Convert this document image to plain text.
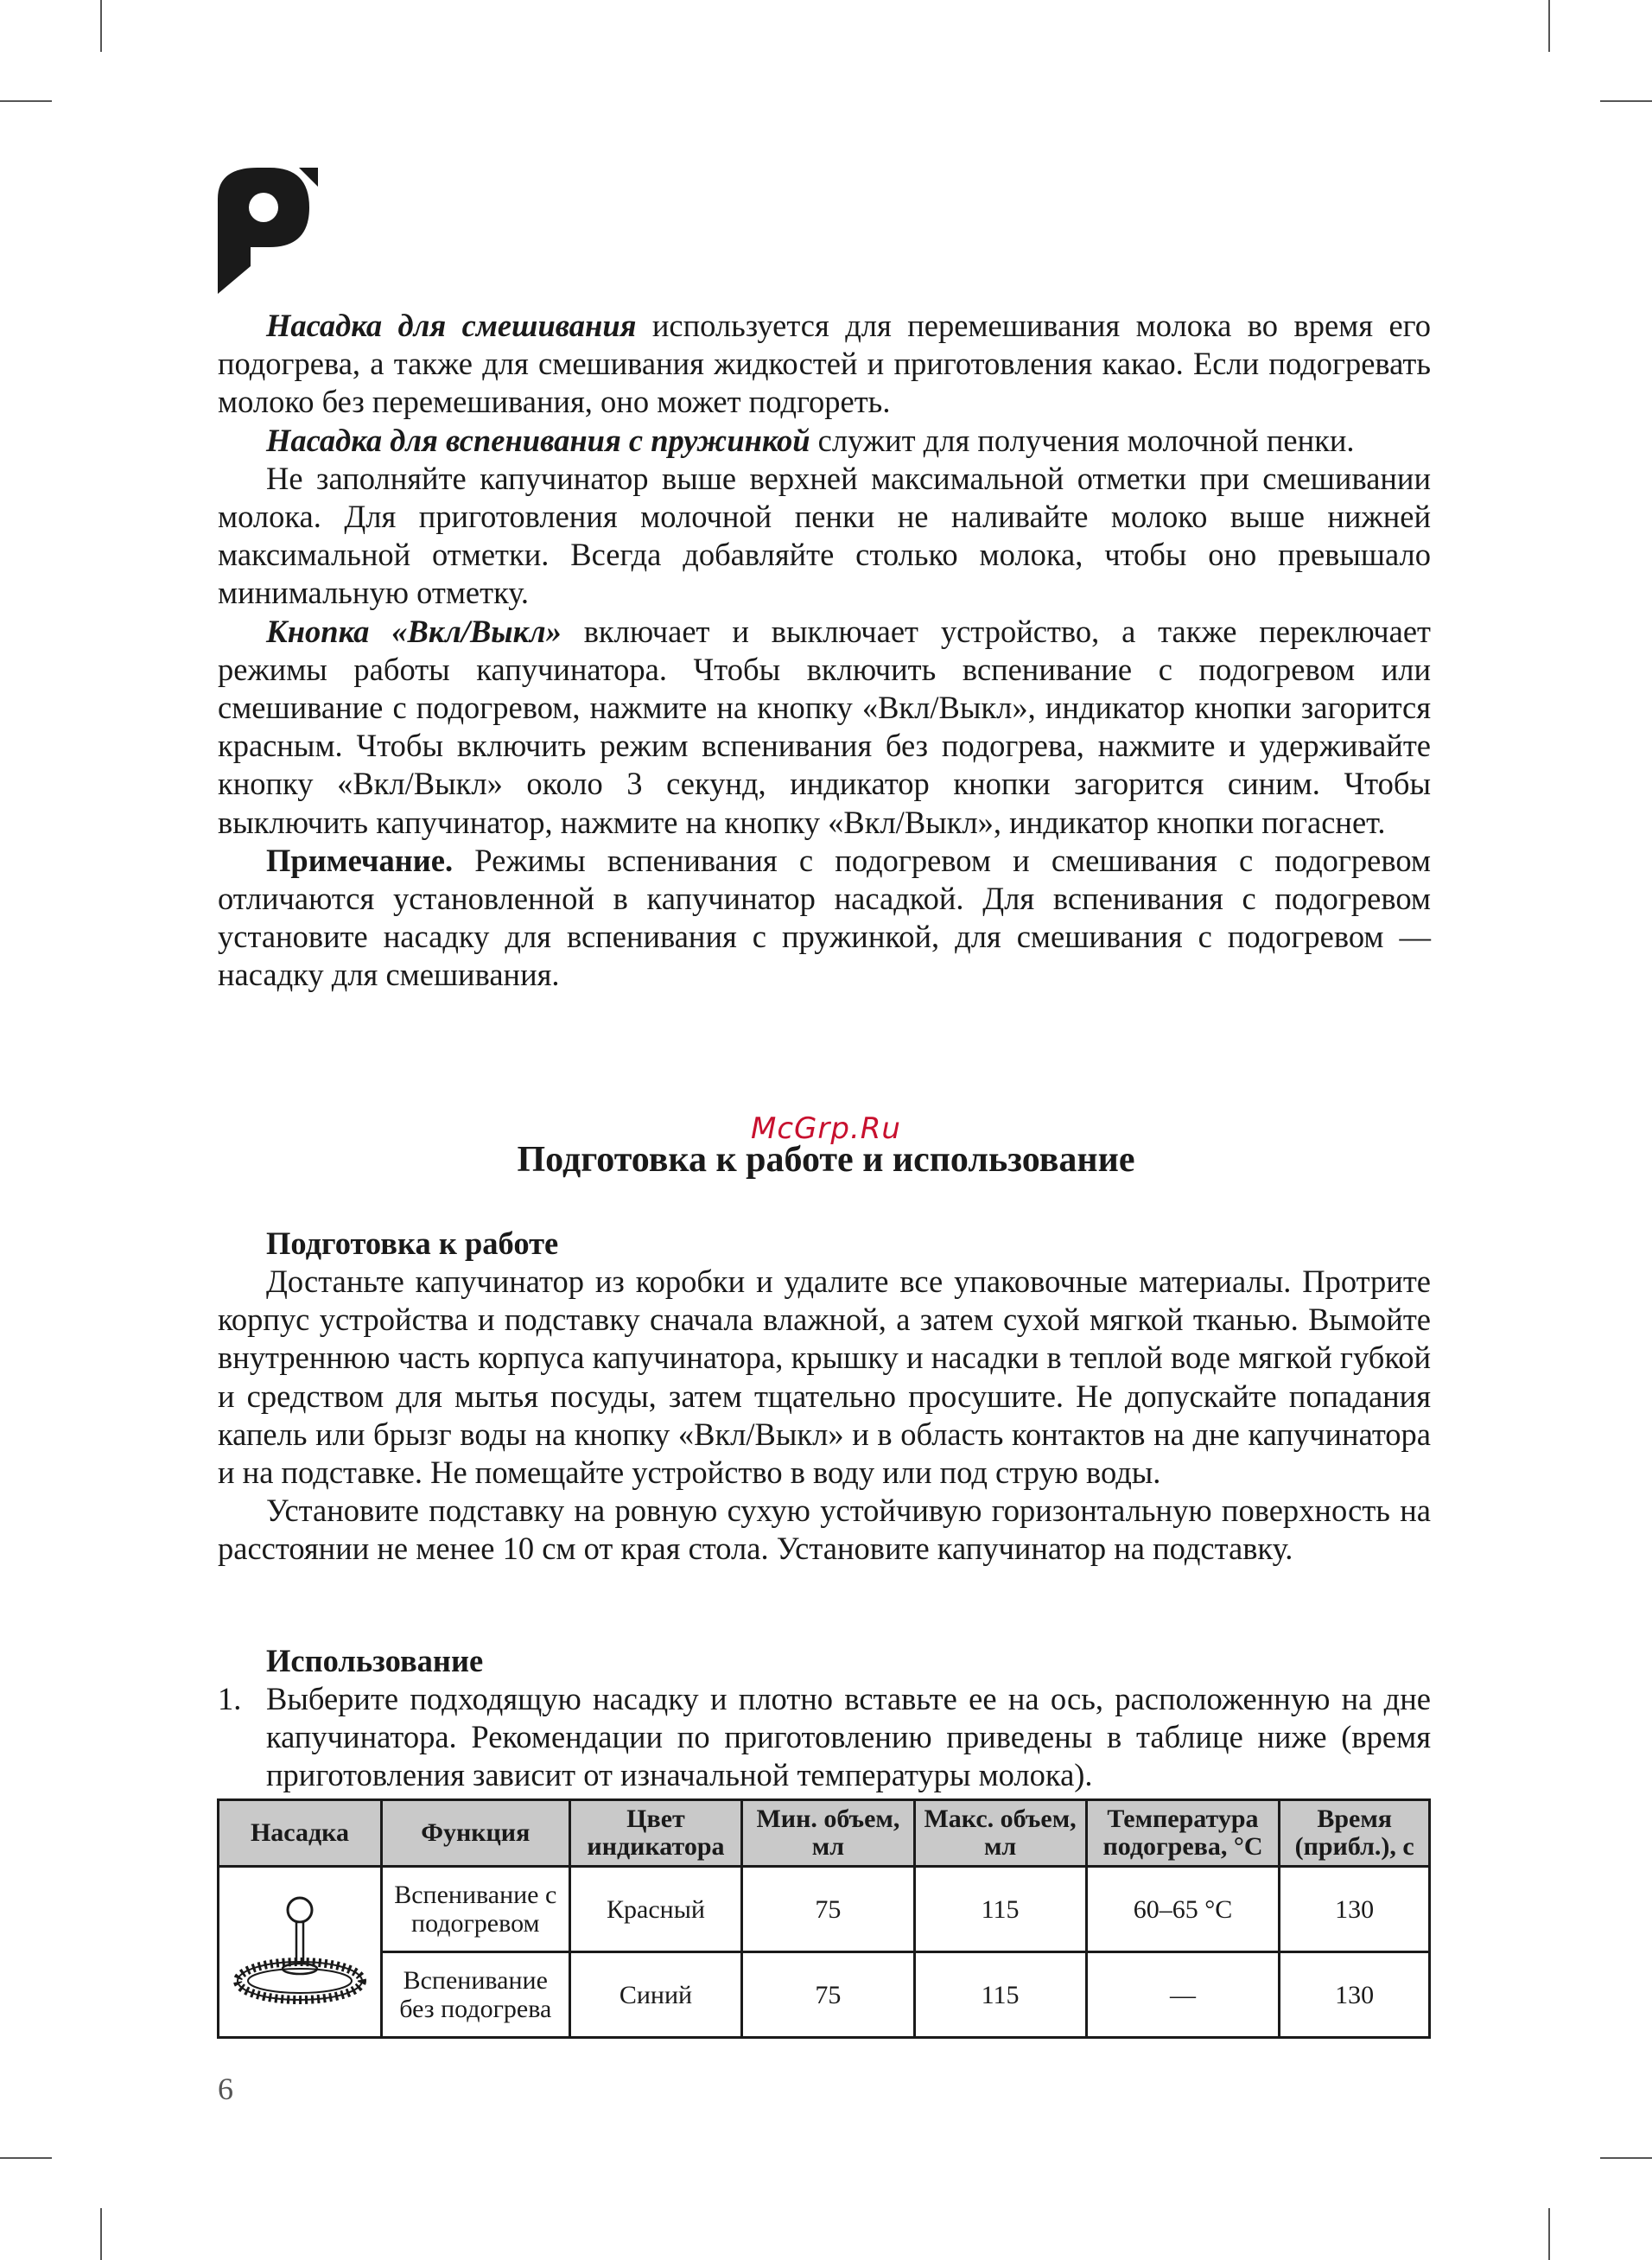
Насадка для смешивания используется для перемешивания молока во время его подогрева, а также для смешивания жидкостей и приготовления какао. Если подогревать молоко без перемешивания, оно может подгореть.

Насадка для вспенивания с пружинкой служит для получения молочной пенки.

Не заполняйте капучинатор выше верхней максимальной отметки при смешивании молока. Для приготовления молочной пенки не наливайте молоко выше нижней максимальной отметки. Всегда добавляйте столько молока, чтобы оно превышало минимальную отметку.

Кнопка «Вкл/Выкл» включает и выключает устройство, а также переключает режимы работы капучинатора. Чтобы включить вспенивание с подогревом или смешивание с подогревом, нажмите на кнопку «Вкл/Выкл», индикатор кнопки загорится красным. Чтобы включить режим вспенивания без подогрева, нажмите и удерживайте кнопку «Вкл/Выкл» около 3 секунд, индикатор кнопки загорится синим. Чтобы выключить капучинатор, нажмите на кнопку «Вкл/Выкл», индикатор кнопки погаснет.

Примечание. Режимы вспенивания с подогревом и смешивания с подогревом отличаются установленной в капучинатор насадкой. Для вспенивания с подогревом установите насадку для вспенивания с пружинкой, для смешивания с подогревом — насадку для смешивания.

McGrp.Ru
Подготовка к работе и использование
Подготовка к работе

Достаньте капучинатор из коробки и удалите все упаковочные материалы. Протрите корпус устройства и подставку сначала влажной, а затем сухой мягкой тканью. Вымойте внутреннюю часть корпуса капучинатора, крышку и насадки в теплой воде мягкой губкой и средством для мытья посуды, затем тщательно просушите. Не допускайте попадания капель или брызг воды на кнопку «Вкл/Выкл» и в область контактов на дне капучинатора и на подставке. Не помещайте устройство в воду или под струю воды.

Установите подставку на ровную сухую устойчивую горизонтальную поверхность на расстоянии не менее 10 см от края стола. Установите капучинатор на подставку.

Использование
1. Выберите подходящую насадку и плотно вставьте ее на ось, расположенную на дне капучинатора. Рекомендации по приготовлению приведены в таблице ниже (время приготовления зависит от изначальной температуры молока).
Насадка	Функция	Цвет индикатора	Мин. объем, мл	Макс. объем, мл	Температура подогрева, °С	Время (прибл.), с
	Вспенивание с подогревом	Красный	75	115	60–65 °С	130
	Вспенивание без подогрева	Синий	75	115	—	130
6
